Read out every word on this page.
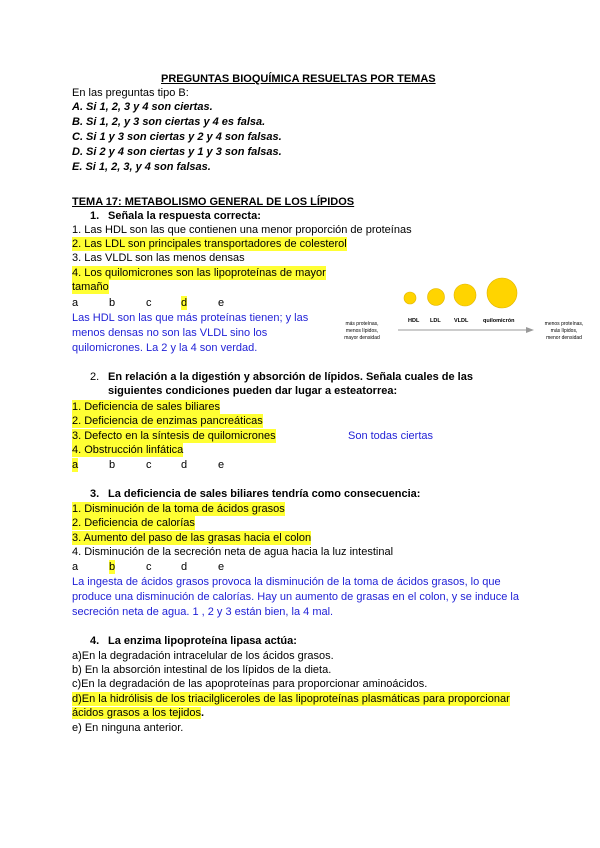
PREGUNTAS BIOQUÍMICA RESUELTAS POR TEMAS
En las preguntas tipo B:
A. Si 1, 2, 3 y 4 son ciertas.
B. Si 1, 2, y 3 son ciertas y 4 es falsa.
C. Si 1 y 3 son ciertas y 2 y 4 son falsas.
D. Si 2 y 4 son ciertas y 1 y 3 son falsas.
E. Si 1, 2, 3, y 4 son falsas.
TEMA 17: METABOLISMO GENERAL DE LOS LÍPIDOS
1. Señala la respuesta correcta:
1. Las HDL son las que contienen una menor proporción de proteínas
2. Las LDL son principales transportadores de colesterol
3. Las VLDL son las menos densas
4. Los quilomicrones son las lipoproteínas de mayor
tamaño
a	b	c	d	e
Las HDL son las que más proteínas tienen; y las
menos densas no son las VLDL sino los
quilomicrones. La 2 y la 4 son verdad.
HDL LDL VLDL	quilomicrón
más proteínas,
menos lípidos,
mayor densidad
menos proteínas,
más lípidos,
menor densidad
2. En relación a la digestión y absorción de lípidos. Señala cuales de las
siguientes condiciones pueden dar lugar a esteatorrea:
1. Deficiencia de sales biliares
2. Deficiencia de enzimas pancreáticas
3. Defecto en la síntesis de quilomicrones	Son todas ciertas
4. Obstrucción linfática
a	b	c	d	e
3. La deficiencia de sales biliares tendría como consecuencia:
1. Disminución de la toma de ácidos grasos
2. Deficiencia de calorías
3. Aumento del paso de las grasas hacia el colon
4. Disminución de la secreción neta de agua hacia la luz intestinal
a	b	c	d	e
La ingesta de ácidos grasos provoca la disminución de la toma de ácidos grasos, lo que
produce una disminución de calorías. Hay un aumento de grasas en el colon, y se induce la
secreción neta de agua. 1 , 2 y 3 están bien, la 4 mal.
4. La enzima lipoproteína lipasa actúa:
a)En la degradación intracelular de los ácidos grasos.
b) En la absorción intestinal de los lípidos de la dieta.
c)En la degradación de las apoproteínas para proporcionar aminoácidos.
d)En la hidrólisis de los triacilgliceroles de las lipoproteínas plasmáticas para proporcionar
ácidos grasos a los tejidos.
e) En ninguna anterior.
